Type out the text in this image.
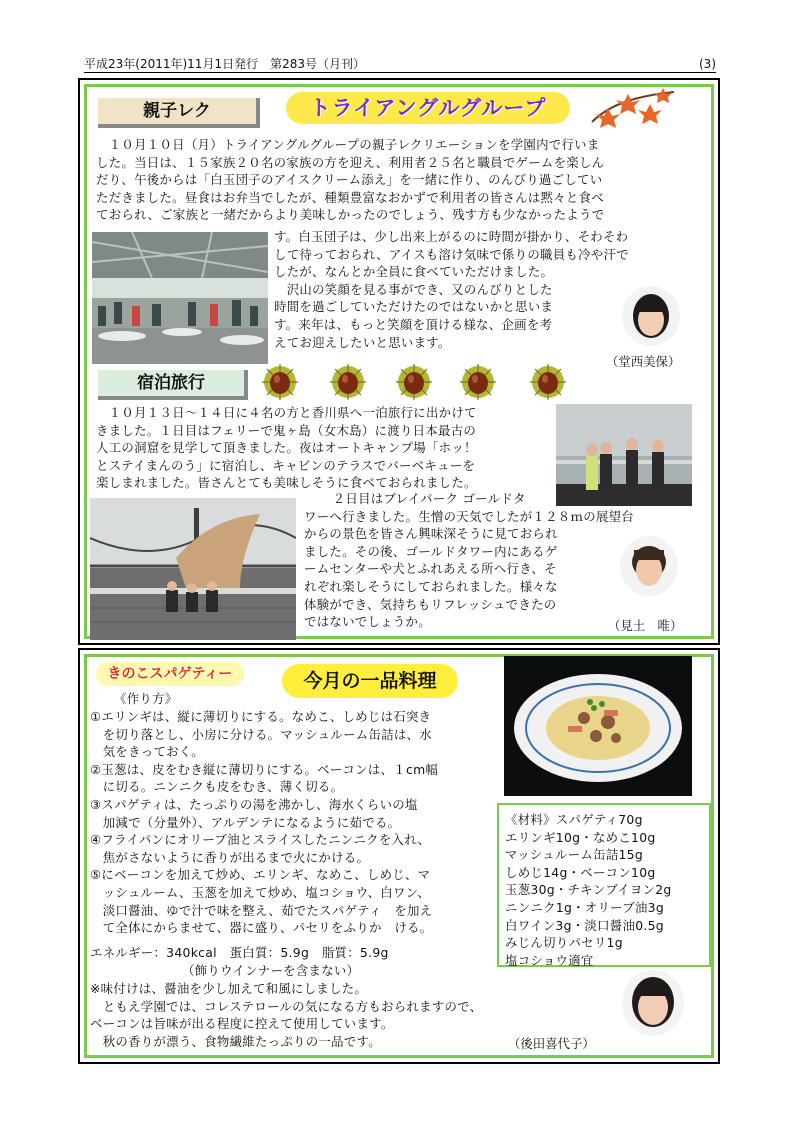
平成23年(2011年)11月1日発行　第283号（月刊）	(3)
親子レク	トライアングルグループ
　１０月１０日（月）トライアングルグループの親子レクリエーションを学園内で行いま
した。当日は、１５家族２０名の家族の方を迎え、利用者２５名と職員でゲームを楽しん
だり、午後からは「白玉団子のアイスクリーム添え」を一緒に作り、のんびり過ごしてい
ただきました。昼食はお弁当でしたが、種類豊富なおかずで利用者の皆さんは黙々と食べ
ておられ、ご家族と一緒だからより美味しかったのでしょう、残す方も少なかったようで
す。白玉団子は、少し出来上がるのに時間が掛かり、そわそわ
して待っておられ、アイスも溶け気味で係りの職員も冷や汗で
したが、なんとか全員に食べていただけました。
　沢山の笑顔を見る事ができ、又のんびりとした
時間を過ごしていただけたのではないかと思いま
す。来年は、もっと笑顔を頂ける様な、企画を考
えてお迎えしたいと思います。
（堂西美保）
宿泊旅行
　１０月１３日～１４日に４名の方と香川県へ一泊旅行に出かけて
きました。１日目はフェリーで鬼ヶ島（女木島）に渡り日本最古の
人工の洞窟を見学して頂きました。夜はオートキャンプ場「ホッ！
とステイまんのう」に宿泊し、キャビンのテラスでバーベキューを
楽しまれました。皆さんとても美味しそうに食べておられました。
　２日目はブレイパーク ゴールドタ
ワーへ行きました。生憎の天気でしたが１２８ｍの展望台
からの景色を皆さん興味深そうに見ておられ
ました。その後、ゴールドタワー内にあるゲ
ームセンターや犬とふれあえる所へ行き、そ
れぞれ楽しそうにしておられました。様々な
体験ができ、気持ちもリフレッシュできたの
ではないでしょうか。	（見土　唯）
きのこスパゲティー	今月の一品料理
《作り方》
①エリンギは、縦に薄切りにする。なめこ、しめじは石突き
　を切り落とし、小房に分ける。マッシュルーム缶詰は、水
　気をきっておく。
②玉葱は、皮をむき縦に薄切りにする。ベーコンは、１cm幅
　に切る。ニンニクも皮をむき、薄く切る。
③スパゲティは、たっぷりの湯を沸かし、海水くらいの塩
　加減で（分量外）、アルデンテになるように茹でる。
④フライパンにオリーブ油とスライスしたニンニクを入れ、
　焦がさないように香りが出るまで火にかける。
⑤にベーコンを加えて炒め、エリンギ、なめこ、しめじ、マ
　ッシュルーム、玉葱を加えて炒め、塩コショウ、白ワン、
　淡口醤油、ゆで汁で味を整え、茹でたスパゲティ　を加え
　て全体にからませて、器に盛り、パセリをふりか　ける。
《材料》スパゲティ70g
エリンギ10g・なめこ10g
マッシュルーム缶詰15g
しめじ14g・ベーコン10g
玉葱30g・チキンブイヨン2g
ニンニク1g・オリーブ油3g
白ワイン3g・淡口醤油0.5g
みじん切りパセリ1g
塩コショウ適宜
エネルギー：340kcal　蛋白質：5.9g　脂質：5.9g
（飾りウインナーを含まない）
※味付けは、醤油を少し加えて和風にしました。
　ともえ学園では、コレステロールの気になる方もおられますので、
ベーコンは旨味が出る程度に控えて使用しています。
　秋の香りが漂う、食物繊維たっぷりの一品です。	（後田喜代子）
